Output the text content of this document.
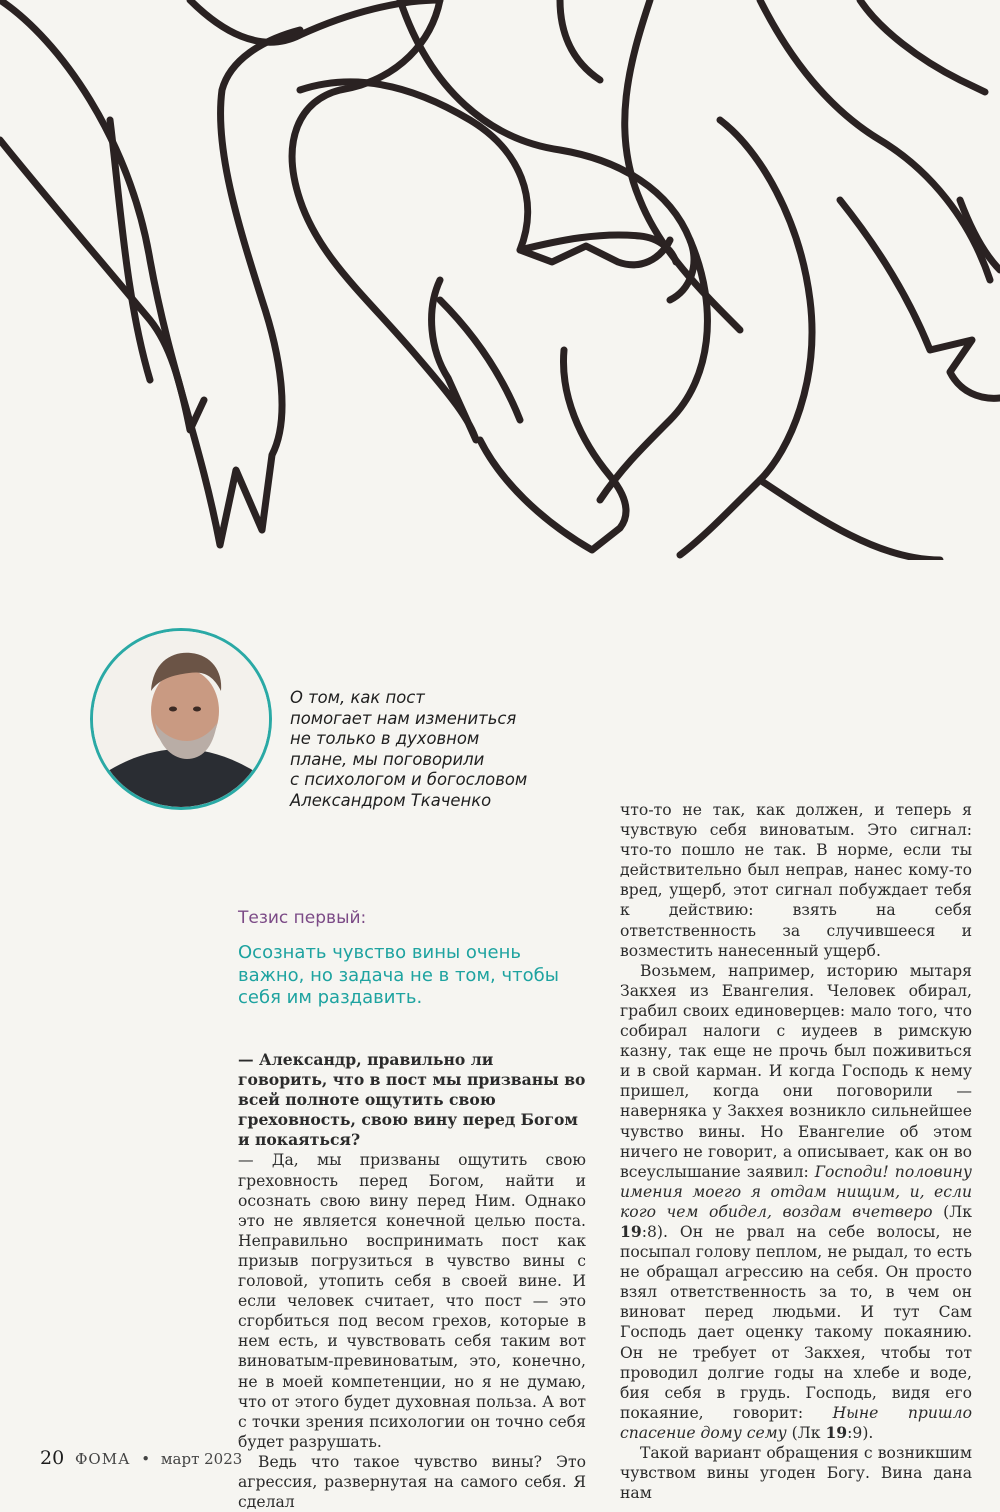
О том, как пост
помогает нам измениться
не только в духовном
плане, мы поговорили
с психологом и богословом
Александром Ткаченко
Тезис первый:
Осознать чувство вины очень
важно, но задача не в том, чтобы
себя им раздавить.

— Александр, правильно ли говорить, что в пост мы призваны во всей полноте ощутить свою греховность, свою вину перед Богом и покаяться?

— Да, мы призваны ощутить свою греховность перед Богом, найти и осознать свою вину перед Ним. Однако это не является конечной целью поста. Неправильно воспринимать пост как призыв погрузиться в чувство вины с головой, утопить себя в своей вине. И если человек считает, что пост — это сгорбиться под весом грехов, которые в нем есть, и чувствовать себя таким вот виноватым-превиноватым, это, конечно, не в моей компетенции, но я не думаю, что от этого будет духовная польза. А вот с точки зрения психологии он точно себя будет разрушать.

Ведь что такое чувство вины? Это агрессия, развернутая на самого себя. Я сделал

что-то не так, как должен, и теперь я чувствую себя виноватым. Это сигнал: что-то пошло не так. В норме, если ты действительно был неправ, нанес кому-то вред, ущерб, этот сигнал побуждает тебя к действию: взять на себя ответственность за случившееся и возместить нанесенный ущерб.

Возьмем, например, историю мытаря Закхея из Евангелия. Человек обирал, грабил своих единоверцев: мало того, что собирал налоги с иудеев в римскую казну, так еще не прочь был поживиться и в свой карман. И когда Господь к нему пришел, когда они поговорили — наверняка у Закхея возникло сильнейшее чувство вины. Но Евангелие об этом ничего не говорит, а описывает, как он во всеуслышание заявил: Господи! половину имения моего я отдам нищим, и, если кого чем обидел, воздам вчетверо (Лк 19:8). Он не рвал на себе волосы, не посыпал голову пеплом, не рыдал, то есть не обращал агрессию на себя. Он просто взял ответственность за то, в чем он виноват перед людьми. И тут Сам Господь дает оценку такому покаянию. Он не требует от Закхея, чтобы тот проводил долгие годы на хлебе и воде, бия себя в грудь. Господь, видя его покаяние, говорит: Ныне пришло спасение дому сему (Лк 19:9).

Такой вариант обращения с возникшим чувством вины угоден Богу. Вина дана нам

20 ФОМА • март 2023
